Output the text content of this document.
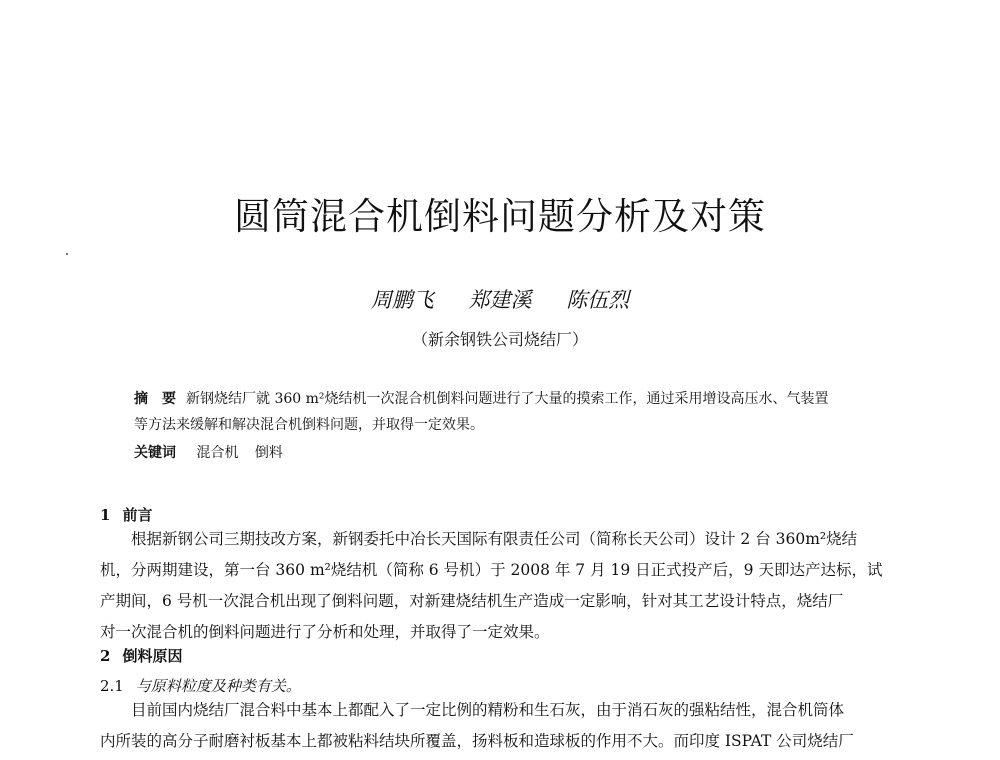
圆筒混合机倒料问题分析及对策
周鹏飞 郑建溪 陈伍烈
（新余钢铁公司烧结厂）
摘　要 新钢烧结厂就 360 m²烧结机一次混合机倒料问题进行了大量的摸索工作，通过采用增设高压水、气装置
等方法来缓解和解决混合机倒料问题，并取得一定效果。
关键词 混合机 倒料
1 前言
根据新钢公司三期技改方案，新钢委托中冶长天国际有限责任公司（简称长天公司）设计 2 台 360m²烧结
机，分两期建设，第一台 360 m²烧结机（简称 6 号机）于 2008 年 7 月 19 日正式投产后，9 天即达产达标，试
产期间，6 号机一次混合机出现了倒料问题，对新建烧结机生产造成一定影响，针对其工艺设计特点，烧结厂
对一次混合机的倒料问题进行了分析和处理，并取得了一定效果。
2 倒料原因
2.1 与原料粒度及种类有关。
目前国内烧结厂混合料中基本上都配入了一定比例的精粉和生石灰，由于消石灰的强粘结性，混合机筒体
内所装的高分子耐磨衬板基本上都被粘料结块所覆盖，扬料板和造球板的作用不大。而印度 ISPAT 公司烧结厂
